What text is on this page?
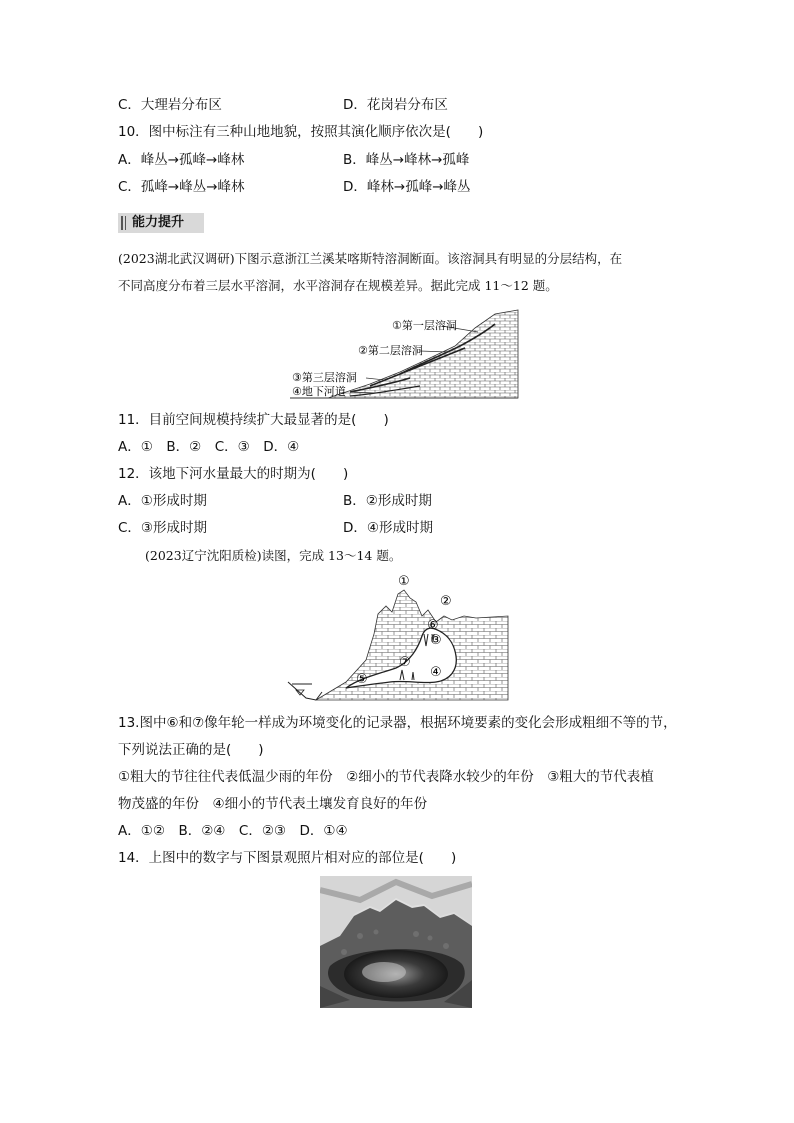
C．大理岩分布区	D．花岗岩分布区
10．图中标注有三种山地地貌，按照其演化顺序依次是(　　)
A．峰丛→孤峰→峰林	B．峰丛→峰林→孤峰
C．孤峰→峰丛→峰林	D．峰林→孤峰→峰丛
能力提升
(2023湖北武汉调研)下图示意浙江兰溪某喀斯特溶洞断面。该溶洞具有明显的分层结构，在
不同高度分布着三层水平溶洞，水平溶洞存在规模差异。据此完成 11～12 题。
①第一层溶洞
②第二层溶洞
③第三层溶洞
④地下河道
11．目前空间规模持续扩大最显著的是(　　)
A．①　B．②　C．③　D．④
12．该地下河水量最大的时期为(　　)
A．①形成时期	B．②形成时期
C．③形成时期	D．④形成时期
(2023辽宁沈阳质检)读图，完成 13～14 题。
①
②
⑥
③
⑦
④
⑤
13.图中⑥和⑦像年轮一样成为环境变化的记录器，根据环境要素的变化会形成粗细不等的节，
下列说法正确的是(　　)
①粗大的节往往代表低温少雨的年份　②细小的节代表降水较少的年份　③粗大的节代表植
物茂盛的年份　④细小的节代表土壤发育良好的年份
A．①②　B．②④　C．②③　D．①④
14．上图中的数字与下图景观照片相对应的部位是(　　)
